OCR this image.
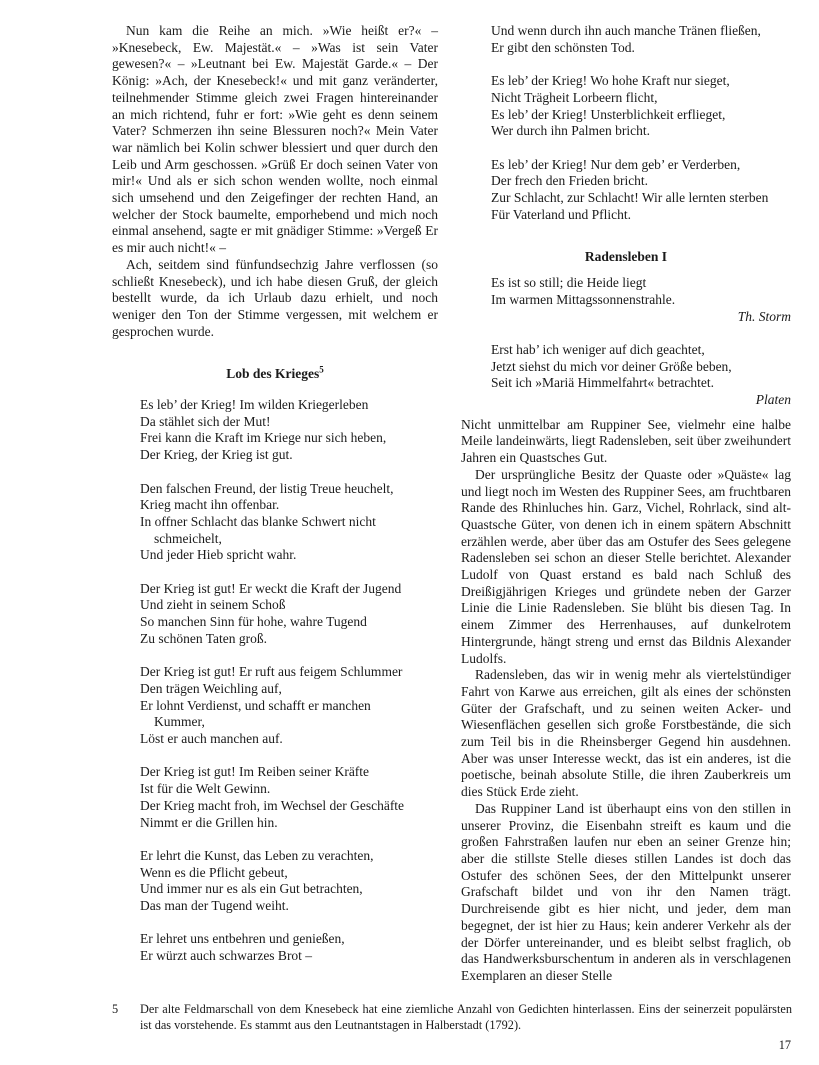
Nun kam die Reihe an mich. »Wie heißt er?« – »Knesebeck, Ew. Majestät.« – »Was ist sein Vater gewesen?« – »Leutnant bei Ew. Majestät Garde.« – Der König: »Ach, der Knesebeck!« und mit ganz veränderter, teilnehmender Stimme gleich zwei Fragen hintereinander an mich richtend, fuhr er fort: »Wie geht es denn seinem Vater? Schmerzen ihn seine Blessuren noch?« Mein Vater war nämlich bei Kolin schwer blessiert und quer durch den Leib und Arm geschossen. »Grüß Er doch seinen Vater von mir!« Und als er sich schon wenden wollte, noch einmal sich umsehend und den Zeigefinger der rechten Hand, an welcher der Stock baumelte, emporhebend und mich noch einmal ansehend, sagte er mit gnädiger Stimme: »Vergeß Er es mir auch nicht!« –

Ach, seitdem sind fünfundsechzig Jahre verflossen (so schließt Knesebeck), und ich habe diesen Gruß, der gleich bestellt wurde, da ich Urlaub dazu erhielt, und noch weniger den Ton der Stimme vergessen, mit welchem er gesprochen wurde.

Lob des Krieges$^5$

Es leb’ der Krieg! Im wilden Kriegerleben
Da stählet sich der Mut!
Frei kann die Kraft im Kriege nur sich heben,
Der Krieg, der Krieg ist gut.
Den falschen Freund, der listig Treue heuchelt,
Krieg macht ihn offenbar.
In offner Schlacht das blanke Schwert nicht
schmeichelt,
Und jeder Hieb spricht wahr.
Der Krieg ist gut! Er weckt die Kraft der Jugend
Und zieht in seinem Schoß
So manchen Sinn für hohe, wahre Tugend
Zu schönen Taten groß.
Der Krieg ist gut! Er ruft aus feigem Schlummer
Den trägen Weichling auf,
Er lohnt Verdienst, und schafft er manchen
Kummer,
Löst er auch manchen auf.
Der Krieg ist gut! Im Reiben seiner Kräfte
Ist für die Welt Gewinn.
Der Krieg macht froh, im Wechsel der Geschäfte
Nimmt er die Grillen hin.
Er lehrt die Kunst, das Leben zu verachten,
Wenn es die Pflicht gebeut,
Und immer nur es als ein Gut betrachten,
Das man der Tugend weiht.
Er lehret uns entbehren und genießen,
Er würzt auch schwarzes Brot –
Und wenn durch ihn auch manche Tränen fließen,
Er gibt den schönsten Tod.
Es leb’ der Krieg! Wo hohe Kraft nur sieget,
Nicht Trägheit Lorbeern flicht,
Es leb’ der Krieg! Unsterblichkeit erflieget,
Wer durch ihn Palmen bricht.
Es leb’ der Krieg! Nur dem geb’ er Verderben,
Der frech den Frieden bricht.
Zur Schlacht, zur Schlacht! Wir alle lernten sterben
Für Vaterland und Pflicht.

Radensleben I

Es ist so still; die Heide liegt
Im warmen Mittagssonnenstrahle.
Th. Storm
Erst hab’ ich weniger auf dich geachtet,
Jetzt siehst du mich vor deiner Größe beben,
Seit ich »Mariä Himmelfahrt« betrachtet.
Platen

Nicht unmittelbar am Ruppiner See, vielmehr eine halbe Meile landeinwärts, liegt Radensleben, seit über zweihundert Jahren ein Quastsches Gut.

Der ursprüngliche Besitz der Quaste oder »Quäste« lag und liegt noch im Westen des Ruppiner Sees, am fruchtbaren Rande des Rhinluches hin. Garz, Vichel, Rohrlack, sind alt-Quastsche Güter, von denen ich in einem spätern Abschnitt erzählen werde, aber über das am Ostufer des Sees gelegene Radensleben sei schon an dieser Stelle berichtet. Alexander Ludolf von Quast erstand es bald nach Schluß des Dreißigjährigen Krieges und gründete neben der Garzer Linie die Linie Radensleben. Sie blüht bis diesen Tag. In einem Zimmer des Herrenhauses, auf dunkelrotem Hintergrunde, hängt streng und ernst das Bildnis Alexander Ludolfs.

Radensleben, das wir in wenig mehr als viertelstündiger Fahrt von Karwe aus erreichen, gilt als eines der schönsten Güter der Grafschaft, und zu seinen weiten Acker- und Wiesenflächen gesellen sich große Forstbestände, die sich zum Teil bis in die Rheinsberger Gegend hin ausdehnen. Aber was unser Interesse weckt, das ist ein anderes, ist die poetische, beinah absolute Stille, die ihren Zauberkreis um dies Stück Erde zieht.

Das Ruppiner Land ist überhaupt eins von den stillen in unserer Provinz, die Eisenbahn streift es kaum und die großen Fahrstraßen laufen nur eben an seiner Grenze hin; aber die stillste Stelle dieses stillen Landes ist doch das Ostufer des schönen Sees, der den Mittelpunkt unserer Grafschaft bildet und von ihr den Namen trägt. Durchreisende gibt es hier nicht, und jeder, dem man begegnet, der ist hier zu Haus; kein anderer Verkehr als der der Dörfer untereinander, und es bleibt selbst fraglich, ob das Handwerksburschentum in anderen als in verschlagenen Exemplaren an dieser Stelle

5 Der alte Feldmarschall von dem Knesebeck hat eine ziemliche Anzahl von Gedichten hinterlassen. Eins der seinerzeit populärsten ist das vorstehende. Es stammt aus den Leutnantstagen in Halberstadt (1792).

17
